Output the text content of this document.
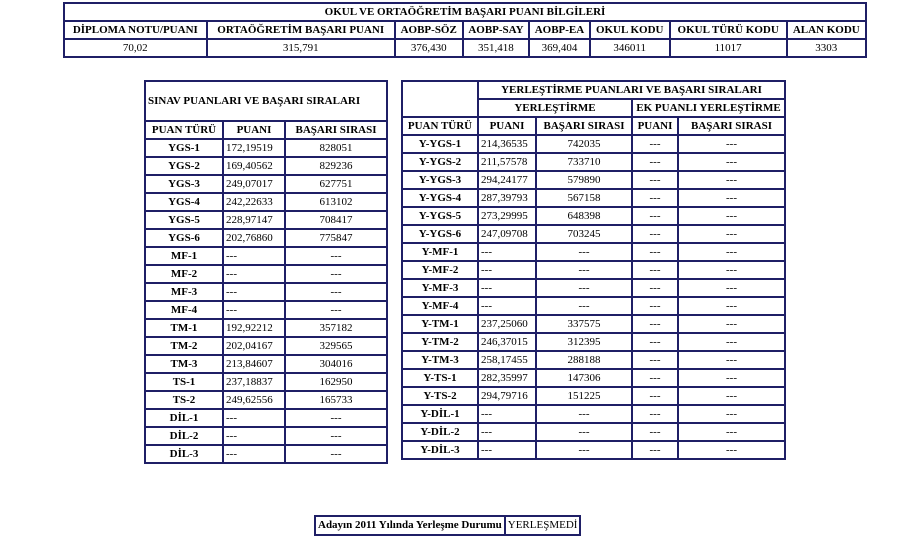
OKUL VE ORTAÖĞRETİM BAŞARI PUANI BİLGİLERİ							
DİPLOMA NOTU/PUANI	ORTAÖĞRETİM BAŞARI PUANI	AOBP-SÖZ	AOBP-SAY	AOBP-EA	OKUL KODU	OKUL TÜRÜ KODU	ALAN KODU
70,02	315,791	376,430	351,418	369,404	346011	11017	3303
SINAV PUANLARI VE BAŞARI SIRALARI		
PUAN TÜRÜ	PUANI	BAŞARI SIRASI
YGS-1	172,19519	828051
YGS-2	169,40562	829236
YGS-3	249,07017	627751
YGS-4	242,22633	613102
YGS-5	228,97147	708417
YGS-6	202,76860	775847
MF-1	---	---
MF-2	---	---
MF-3	---	---
MF-4	---	---
TM-1	192,92212	357182
TM-2	202,04167	329565
TM-3	213,84607	304016
TS-1	237,18837	162950
TS-2	249,62556	165733
DİL-1	---	---
DİL-2	---	---
DİL-3	---	---
	YERLEŞTİRME PUANLARI VE BAŞARI SIRALARI			
	YERLEŞTİRME		EK PUANLI YERLEŞTİRME	
PUAN TÜRÜ	PUANI	BAŞARI SIRASI	PUANI	BAŞARI SIRASI
Y-YGS-1	214,36535	742035	---	---
Y-YGS-2	211,57578	733710	---	---
Y-YGS-3	294,24177	579890	---	---
Y-YGS-4	287,39793	567158	---	---
Y-YGS-5	273,29995	648398	---	---
Y-YGS-6	247,09708	703245	---	---
Y-MF-1	---	---	---	---
Y-MF-2	---	---	---	---
Y-MF-3	---	---	---	---
Y-MF-4	---	---	---	---
Y-TM-1	237,25060	337575	---	---
Y-TM-2	246,37015	312395	---	---
Y-TM-3	258,17455	288188	---	---
Y-TS-1	282,35997	147306	---	---
Y-TS-2	294,79716	151225	---	---
Y-DİL-1	---	---	---	---
Y-DİL-2	---	---	---	---
Y-DİL-3	---	---	---	---
Adayın 2011 Yılında Yerleşme Durumu	YERLEŞMEDİ
